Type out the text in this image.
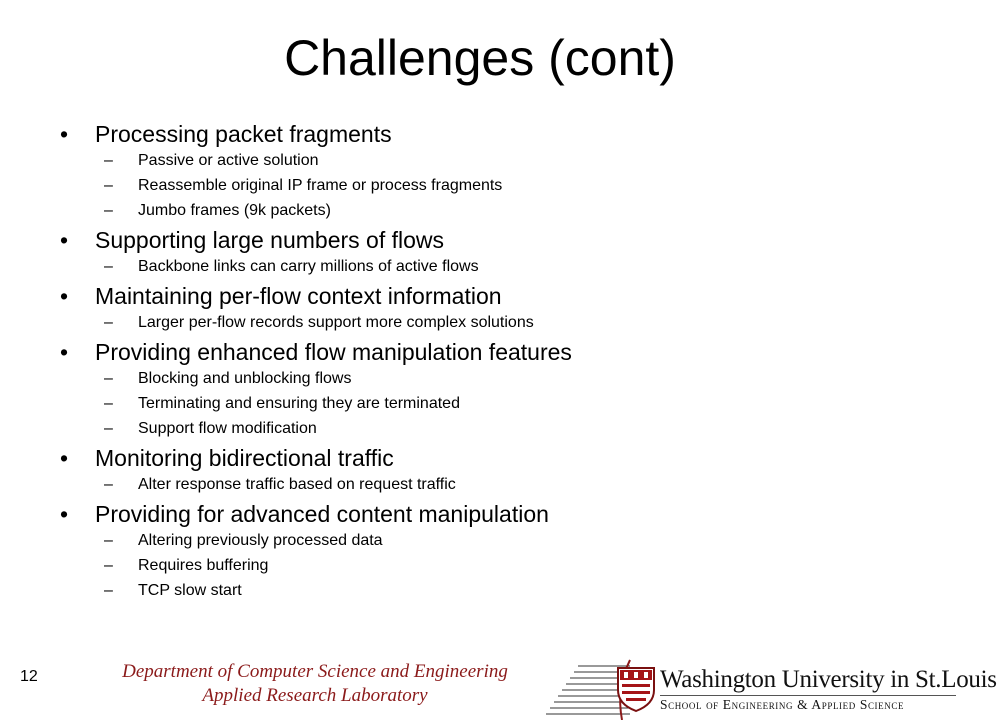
Challenges (cont)
• Processing packet fragments
– Passive or active solution
– Reassemble original IP frame or process fragments
– Jumbo frames (9k packets)
• Supporting large numbers of flows
– Backbone links can carry millions of active flows
• Maintaining per-flow context information
– Larger per-flow records support more complex solutions
• Providing enhanced flow manipulation features
– Blocking and unblocking flows
– Terminating and ensuring they are terminated
– Support flow modification
• Monitoring bidirectional traffic
– Alter response traffic based on request traffic
• Providing for advanced content manipulation
– Altering previously processed data
– Requires buffering
– TCP slow start
12	Department of Computer Science and Engineering
Applied Research Laboratory
Washington University in St.Louis
School of Engineering & Applied Science
